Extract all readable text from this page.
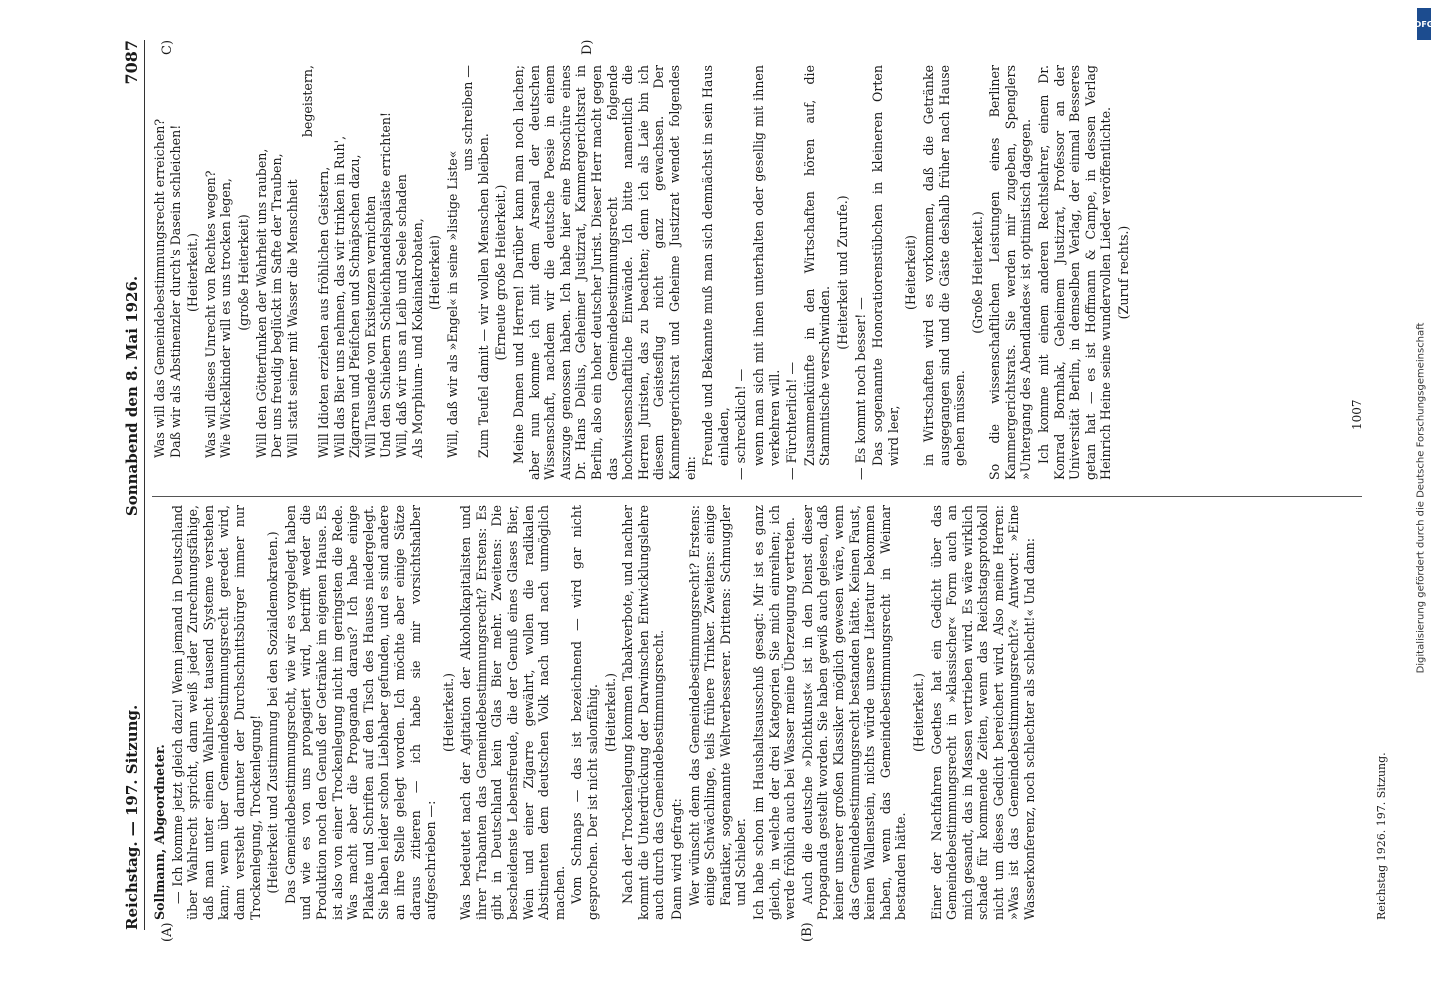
DFG
Digitalisierung gefördert durch die Deutsche Forschungsgemeinschaft
Reichstag. — 197. Sitzung.
Sonnabend den 8. Mai 1926.
7087
(A)	(B)
C)	D)

Sollmann, Abgeordneter. — Ich komme jetzt gleich dazu! Wenn jemand in Deutschland über Wahlrecht spricht, dann weiß jeder Zurechnungsfähige, daß man unter einem Wahlrecht tausend Systeme verstehen kann; wenn über Gemeindebestimmungsrecht geredet wird, dann versteht darunter der Durchschnittsbürger immer nur Trockenlegung, Trockenlegung! (Heiterkeit und Zustimmung bei den Sozialdemokraten.) Das Gemeindebestimmungsrecht, wie wir es vorgelegt haben und wie es von uns propagiert wird, betrifft weder die Produktion noch den Genuß der Getränke im eigenen Hause. Es ist also von einer Trockenlegung nicht im geringsten die Rede. Was macht aber die Propaganda daraus? Ich habe einige Plakate und Schriften auf den Tisch des Hauses niedergelegt. Sie haben leider schon Liebhaber gefunden, und es sind andere an ihre Stelle gelegt worden. Ich möchte aber einige Sätze daraus zitieren — ich habe sie mir vorsichtshalber aufgeschrieben —:

(Heiterkeit.) Was bedeutet nach der Agitation der Alkoholkapitalisten und ihrer Trabanten das Gemeindebestimmungsrecht? Erstens: Es gibt in Deutschland kein Glas Bier mehr. Zweitens: Die bescheidenste Lebensfreude, die der Genuß eines Glases Bier, Wein und einer Zigarre gewährt, wollen die radikalen Abstinenten dem deutschen Volk nach und nach unmöglich machen. Vom Schnaps — das ist bezeichnend — wird gar nicht gesprochen. Der ist nicht salonfähig. (Heiterkeit.) Nach der Trockenlegung kommen Tabakverbote, und nachher kommt die Unterdrückung der Darwinschen Entwicklungslehre auch durch das Gemeindebestimmungsrecht. Dann wird gefragt: Wer wünscht denn das Gemeindebestimmungsrecht? Erstens: einige Schwächlinge, teils frühere Trinker. Zweitens: einige Fanatiker, sogenannte Weltverbesserer. Drittens: Schmuggler und Schieber. Ich habe schon im Haushaltsausschuß gesagt: Mir ist es ganz gleich, in welche der drei Kategorien Sie mich einreihen; ich werde fröhlich auch bei Wasser meine Überzeugung vertreten. Auch die deutsche »Dichtkunst« ist in den Dienst dieser Propaganda gestellt worden. Sie haben gewiß auch gelesen, daß keiner unserer großen Klassiker möglich gewesen wäre, wenn das Gemeindebestimmungsrecht bestanden hätte. Keinen Faust, keinen Wallenstein, nichts würde unsere Literatur bekommen haben, wenn das Gemeindebestimmungsrecht in Weimar bestanden hätte.

(Heiterkeit.) Einer der Nachfahren Goethes hat ein Gedicht über das Gemeindebestimmungsrecht in »klassischer« Form auch an mich gesandt, das in Massen vertrieben wird. Es wäre wirklich schade für kommende Zeiten, wenn das Reichstagsprotokoll nicht um dieses Gedicht bereichert wird. Also meine Herren: »Was ist das Gemeindebestimmungsrecht?« Antwort: »Eine Wasserkonferenz, noch schlechter als schlecht!« Und dann:

Was will das Gemeindebestimmungsrecht erreichen? Daß wir als Abstinenzler durch's Dasein schleichen! (Heiterkeit.) Was will dieses Unrecht von Rechtes wegen? Wie Wickelkinder will es uns trocken legen, (große Heiterkeit) Will den Götterfunken der Wahrheit uns rauben, Der uns freudig beglückt im Safte der Trauben, Will statt seiner mit Wasser die Menschheit

begeistern,

Will Idioten erziehen aus fröhlichen Geistern, Will das Bier uns nehmen, das wir trinken in Ruh', Zigarren und Pfeifchen und Schnäpschen dazu, Will Tausende von Existenzen vernichten Und den Schiebern Schleichhandelspaläste errichten! Will, daß wir uns an Leib und Seele schaden Als Morphium- und Kokainakrobaten, (Heiterkeit) Will, daß wir als »Engel« in seine »listige Liste«

uns schreiben —

Zum Teufel damit — wir wollen Menschen bleiben. (Erneute große Heiterkeit.) Meine Damen und Herren! Darüber kann man noch lachen; aber nun komme ich mit dem Arsenal der deutschen Wissenschaft, nachdem wir die deutsche Poesie in einem Auszuge genossen haben. Ich habe hier eine Broschüre eines Dr. Hans Delius, Geheimer Justizrat, Kammergerichtsrat in Berlin, also ein hoher deutscher Jurist. Dieser Herr macht gegen das Gemeindebestimmungsrecht folgende hochwissenschaftliche Einwände. Ich bitte namentlich die Herren Juristen, das zu beachten; denn ich als Laie bin ich diesem Geistesflug nicht ganz gewachsen. Der Kammergerichtsrat und Geheime Justizrat wendet folgendes ein:

Freunde und Bekannte muß man sich demnächst in sein Haus einladen, — schrecklich! — wenn man sich mit ihnen unterhalten oder gesellig mit ihnen verkehren will. — Fürchterlich! — Zusammenkünfte in den Wirtschaften hören auf, die Stammtische verschwinden.

(Heiterkeit und Zurufe.)

— Es kommt noch besser! — Das sogenannte Honoratiorenstübchen in kleineren Orten wird leer,

(Heiterkeit) in Wirtschaften wird es vorkommen, daß die Getränke ausgegangen sind und die Gäste deshalb früher nach Hause gehen müssen.

(Große Heiterkeit.) So die wissenschaftlichen Leistungen eines Berliner Kammergerichtsrats. Sie werden mir zugeben, Spenglers »Untergang des Abendlandes« ist optimistisch dagegen. Ich komme mit einem anderen Rechtslehrer, einem Dr. Konrad Bornhak, Geheimem Justizrat, Professor an der Universität Berlin, in demselben Verlag, der einmal Besseres getan hat — es ist Hoffmann & Campe, in dessen Verlag Heinrich Heine seine wundervollen Lieder veröffentlichte. (Zuruf rechts.)

Reichstag 1926. 197. Sitzung.
1007
